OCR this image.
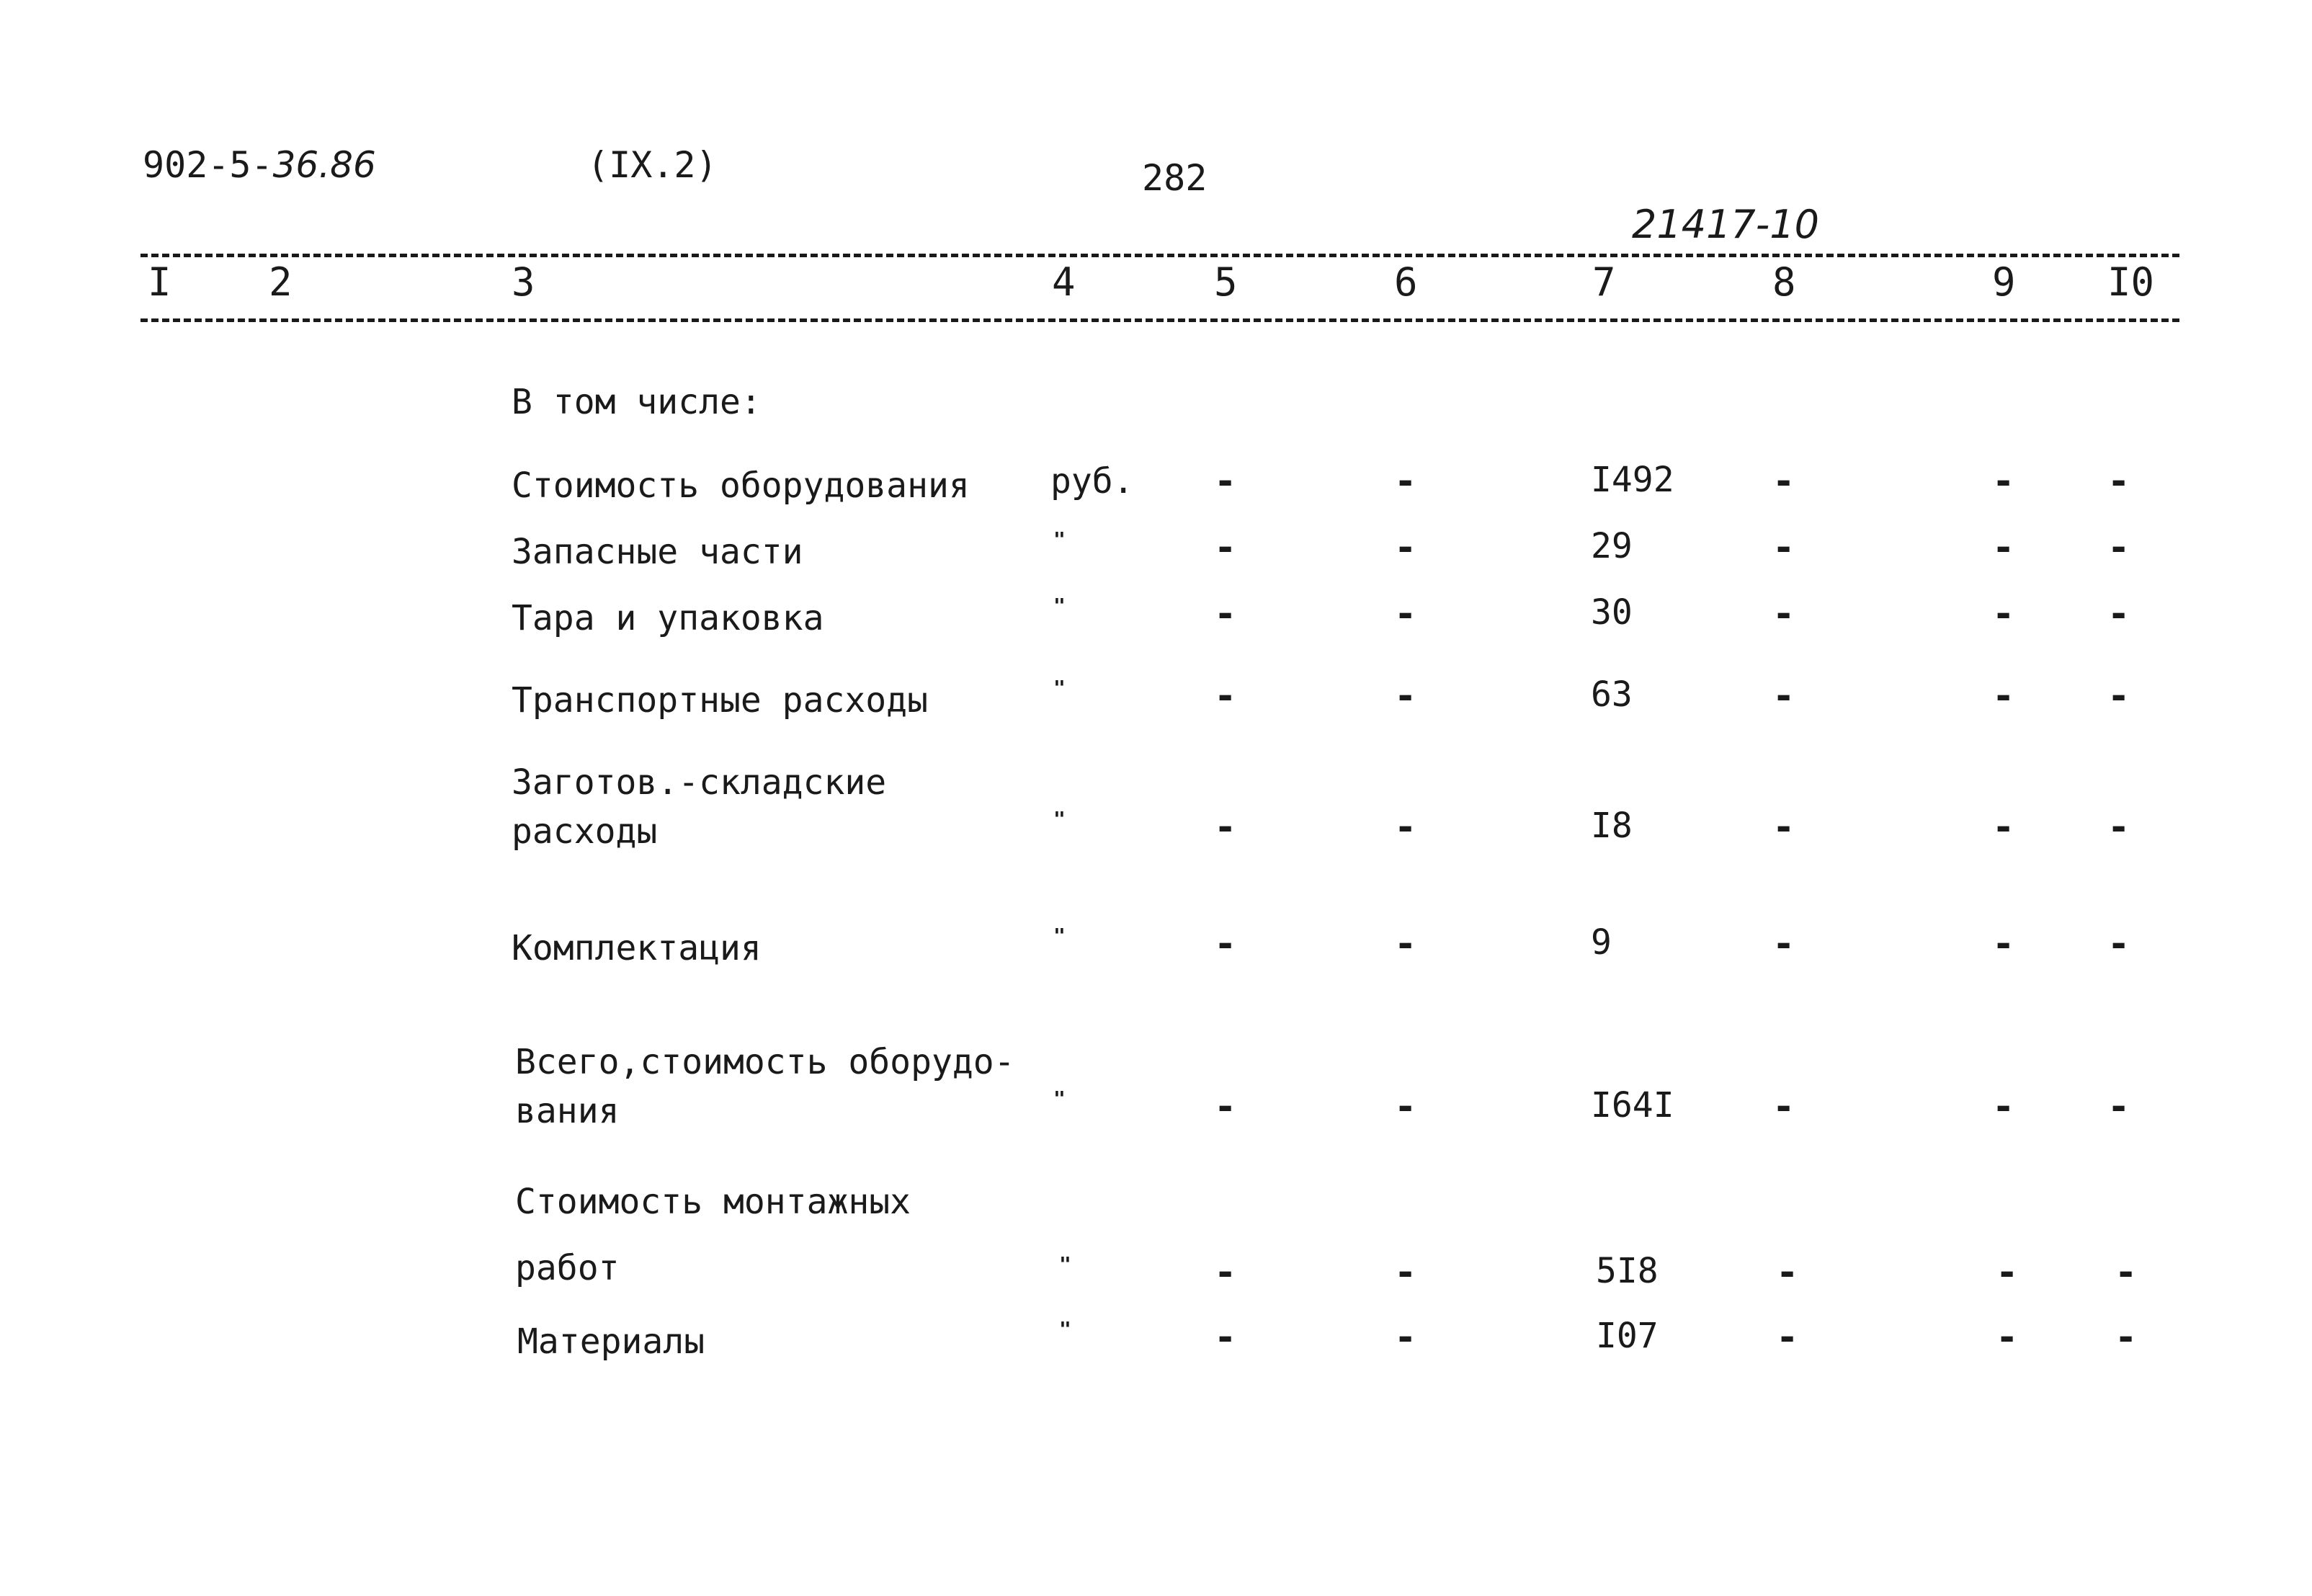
902-5-36.86	(IX.2)	282
21417-10
I	2	3	4	5	6	7	8	9 I0
В том числе:
Стоимость оборудования руб. -	-	I492	-	- -
Запасные части	"	-	-	29	-	- -
Тара и упаковка	"	-	-	30	-	- -
Транспортные расходы	"	-	-	63	-	- -
Заготов.-складские
расходы	"	-	-	I8	-	- -
Комплектация	"	-	-	9	-	- -
Всего,стоимость оборудо-
вания	"	-	-	I64I	-	- -
Стоимость монтажных

работ	"	-	-	5I8	-	-	-
Материалы	"	-	-	I07	-	-	-
